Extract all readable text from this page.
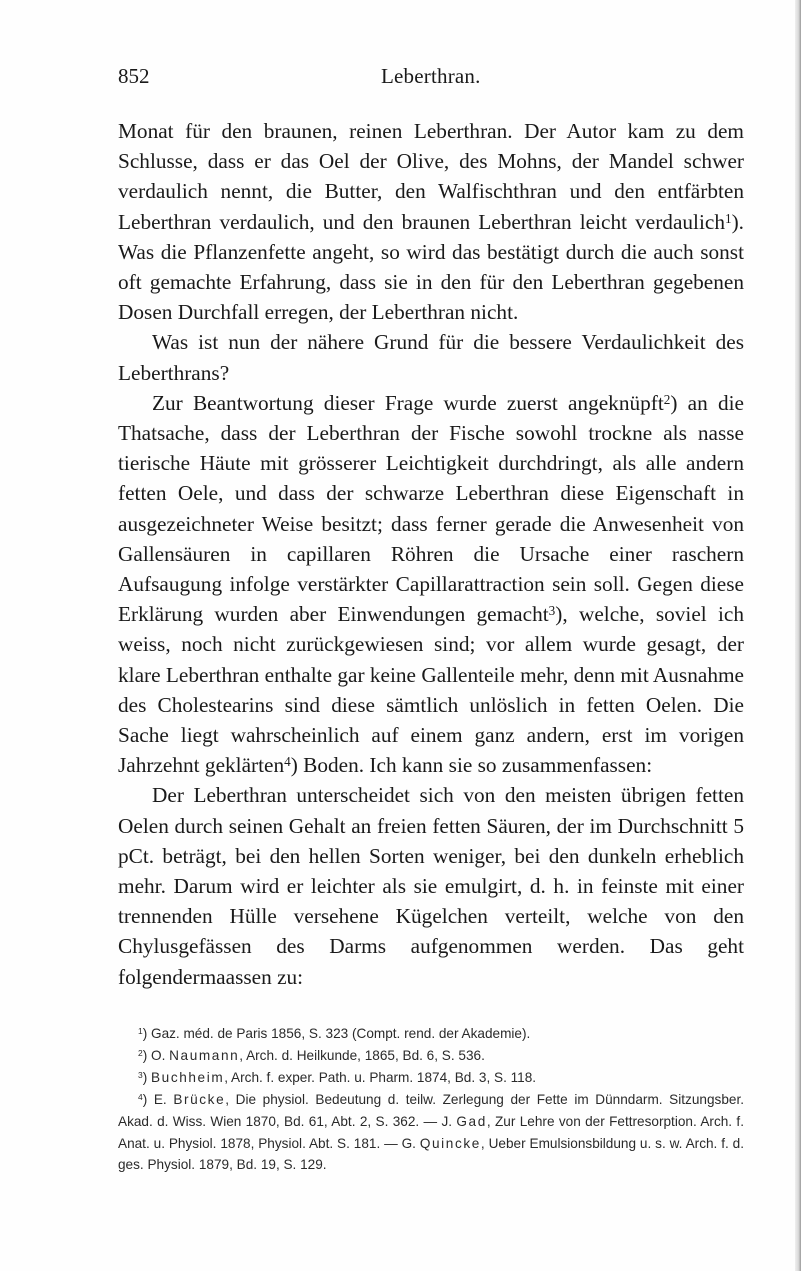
852	Leberthran.

Monat für den braunen, reinen Leberthran. Der Autor kam zu dem Schlusse, dass er das Oel der Olive, des Mohns, der Mandel schwer verdaulich nennt, die Butter, den Walfischthran und den entfärbten Leberthran verdaulich, und den braunen Leberthran leicht verdaulich$^1$). Was die Pflanzenfette angeht, so wird das bestätigt durch die auch sonst oft gemachte Erfahrung, dass sie in den für den Leberthran gegebenen Dosen Durchfall erregen, der Leberthran nicht.

Was ist nun der nähere Grund für die bessere Verdaulichkeit des Leberthrans?

Zur Beantwortung dieser Frage wurde zuerst angeknüpft$^2$) an die Thatsache, dass der Leberthran der Fische sowohl trockne als nasse tierische Häute mit grösserer Leichtigkeit durchdringt, als alle andern fetten Oele, und dass der schwarze Leberthran diese Eigenschaft in ausgezeichneter Weise besitzt; dass ferner gerade die Anwesenheit von Gallensäuren in capillaren Röhren die Ursache einer raschern Aufsaugung infolge verstärkter Capillarattraction sein soll. Gegen diese Erklärung wurden aber Einwendungen gemacht$^3$), welche, soviel ich weiss, noch nicht zurückgewiesen sind; vor allem wurde gesagt, der klare Leberthran enthalte gar keine Gallenteile mehr, denn mit Ausnahme des Cholestearins sind diese sämtlich unlöslich in fetten Oelen. Die Sache liegt wahrscheinlich auf einem ganz andern, erst im vorigen Jahrzehnt geklärten$^4$) Boden. Ich kann sie so zusammenfassen:

Der Leberthran unterscheidet sich von den meisten übrigen fetten Oelen durch seinen Gehalt an freien fetten Säuren, der im Durchschnitt 5 pCt. beträgt, bei den hellen Sorten weniger, bei den dunkeln erheblich mehr. Darum wird er leichter als sie emulgirt, d. h. in feinste mit einer trennenden Hülle versehene Kügelchen verteilt, welche von den Chylusgefässen des Darms aufgenommen werden. Das geht folgendermaassen zu:

$^1$) Gaz. méd. de Paris 1856, S. 323 (Compt. rend. der Akademie).

$^2$) O. Naumann, Arch. d. Heilkunde, 1865, Bd. 6, S. 536.

$^3$) Buchheim, Arch. f. exper. Path. u. Pharm. 1874, Bd. 3, S. 118.

$^4$) E. Brücke, Die physiol. Bedeutung d. teilw. Zerlegung der Fette im Dünndarm. Sitzungsber. Akad. d. Wiss. Wien 1870, Bd. 61, Abt. 2, S. 362. — J. Gad, Zur Lehre von der Fettresorption. Arch. f. Anat. u. Physiol. 1878, Physiol. Abt. S. 181. — G. Quincke, Ueber Emulsionsbildung u. s. w. Arch. f. d. ges. Physiol. 1879, Bd. 19, S. 129.
